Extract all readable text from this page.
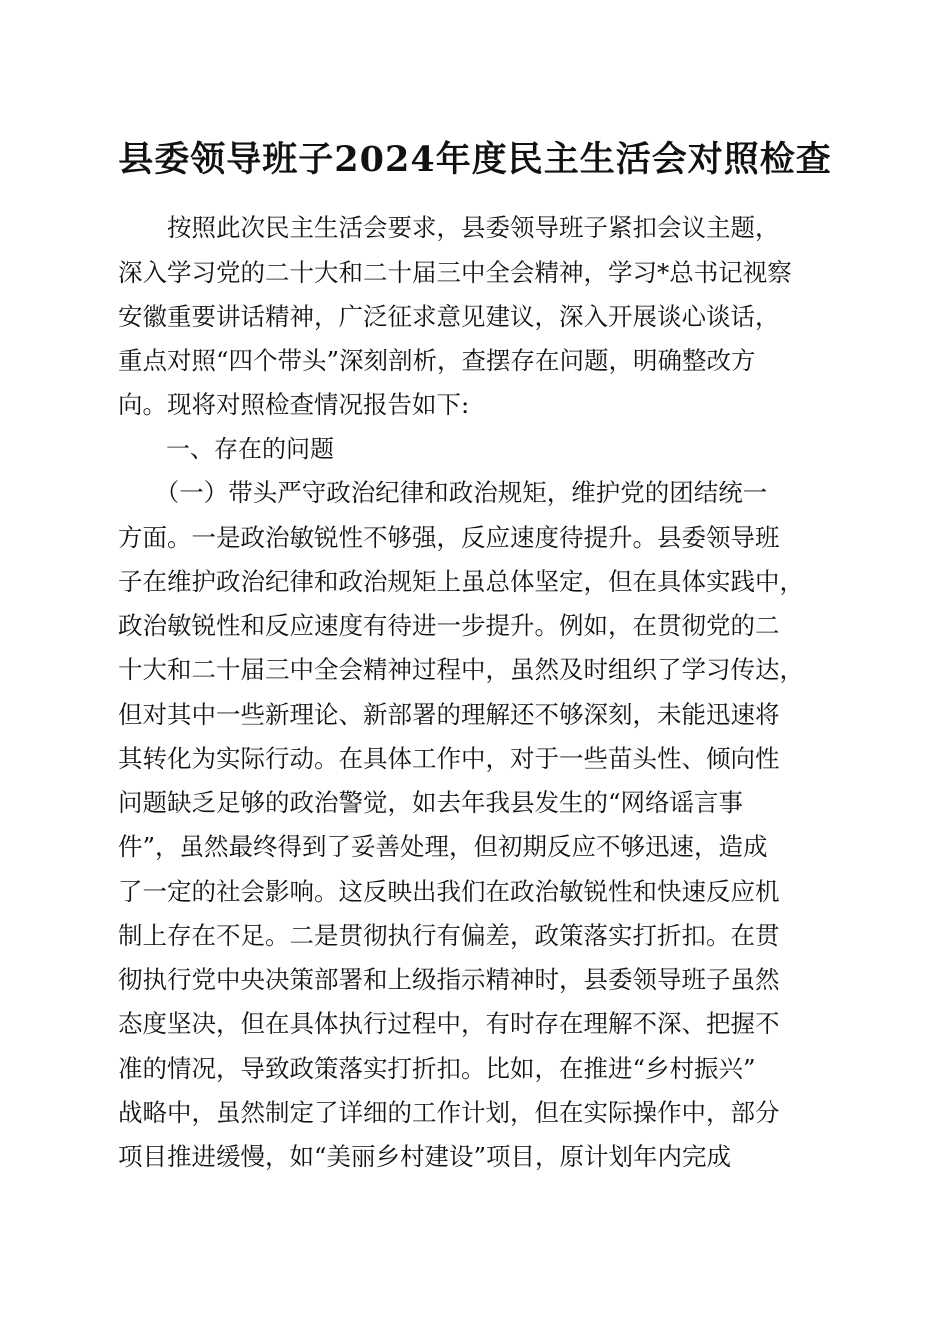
县委领导班子2024年度民主生活会对照检查
　　按照此次民主生活会要求，县委领导班子紧扣会议主题，
深入学习党的二十大和二十届三中全会精神，学习*总书记视察
安徽重要讲话精神，广泛征求意见建议，深入开展谈心谈话，
重点对照“四个带头”深刻剖析，查摆存在问题，明确整改方
向。现将对照检查情况报告如下:
　　一、存在的问题
　　（一）带头严守政治纪律和政治规矩，维护党的团结统一
方面。一是政治敏锐性不够强，反应速度待提升。县委领导班
子在维护政治纪律和政治规矩上虽总体坚定，但在具体实践中，
政治敏锐性和反应速度有待进一步提升。例如，在贯彻党的二
十大和二十届三中全会精神过程中，虽然及时组织了学习传达，
但对其中一些新理论、新部署的理解还不够深刻，未能迅速将
其转化为实际行动。在具体工作中，对于一些苗头性、倾向性
问题缺乏足够的政治警觉，如去年我县发生的“网络谣言事
件”，虽然最终得到了妥善处理，但初期反应不够迅速，造成
了一定的社会影响。这反映出我们在政治敏锐性和快速反应机
制上存在不足。二是贯彻执行有偏差，政策落实打折扣。在贯
彻执行党中央决策部署和上级指示精神时，县委领导班子虽然
态度坚决，但在具体执行过程中，有时存在理解不深、把握不
准的情况，导致政策落实打折扣。比如，在推进“乡村振兴”
战略中，虽然制定了详细的工作计划，但在实际操作中，部分
项目推进缓慢，如“美丽乡村建设”项目，原计划年内完成
